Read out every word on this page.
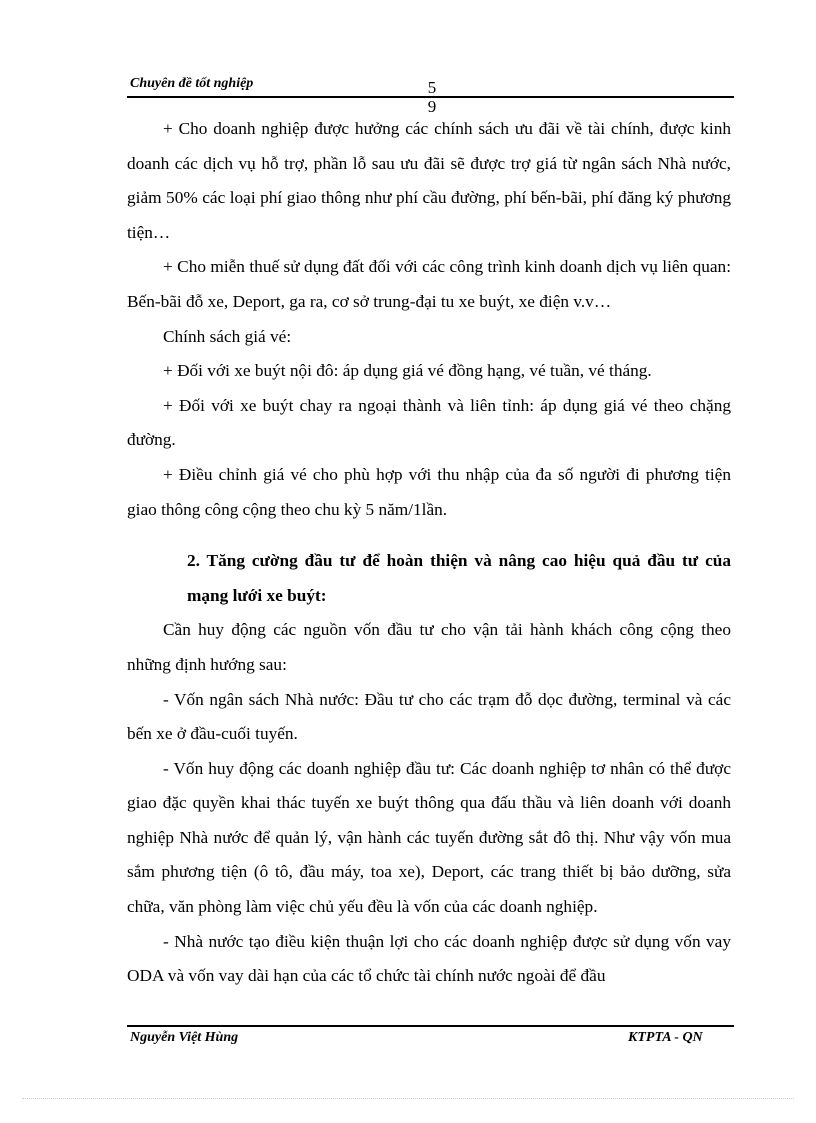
Chuyên đề tốt nghiệp	5
9

+ Cho doanh nghiệp được hưởng các chính sách ưu đãi về tài chính, được kinh doanh các dịch vụ hỗ trợ, phần lỗ sau ưu đãi sẽ được trợ giá từ ngân sách Nhà nước, giảm 50% các loại phí giao thông như phí cầu đường, phí bến-bãi, phí đăng ký phương tiện…

+ Cho miễn thuế sử dụng đất đối với các công trình kinh doanh dịch vụ liên quan: Bến-bãi đỗ xe, Deport, ga ra, cơ sở trung-đại tu xe buýt, xe điện v.v…

Chính sách giá vé:

+ Đối với xe buýt nội đô: áp dụng giá vé đồng hạng, vé tuần, vé tháng.

+ Đối với xe buýt chay ra ngoại thành và liên tỉnh: áp dụng giá vé theo chặng đường.

+ Điều chỉnh giá vé cho phù hợp với thu nhập của đa số người đi phương tiện giao thông công cộng theo chu kỳ 5 năm/1lần.

2. Tăng cường đầu tư để hoàn thiện và nâng cao hiệu quả đầu tư của mạng lưới xe buýt:

Cần huy động các nguồn vốn đầu tư cho vận tải hành khách công cộng theo những định hướng sau:

- Vốn ngân sách Nhà nước: Đầu tư cho các trạm đỗ dọc đường, terminal và các bến xe ở đầu-cuối tuyến.

- Vốn huy động các doanh nghiệp đầu tư: Các doanh nghiệp tơ nhân có thể được giao đặc quyền khai thác tuyến xe buýt thông qua đấu thầu và liên doanh với doanh nghiệp Nhà nước để quản lý, vận hành các tuyến đường sắt đô thị. Như vậy vốn mua sắm phương tiện (ô tô, đầu máy, toa xe), Deport, các trang thiết bị bảo dưỡng, sửa chữa, văn phòng làm việc chủ yếu đều là vốn của các doanh nghiệp.

- Nhà nước tạo điều kiện thuận lợi cho các doanh nghiệp được sử dụng vốn vay ODA và vốn vay dài hạn của các tổ chức tài chính nước ngoài để đầu

Nguyễn Việt Hùng	KTPTA - QN
